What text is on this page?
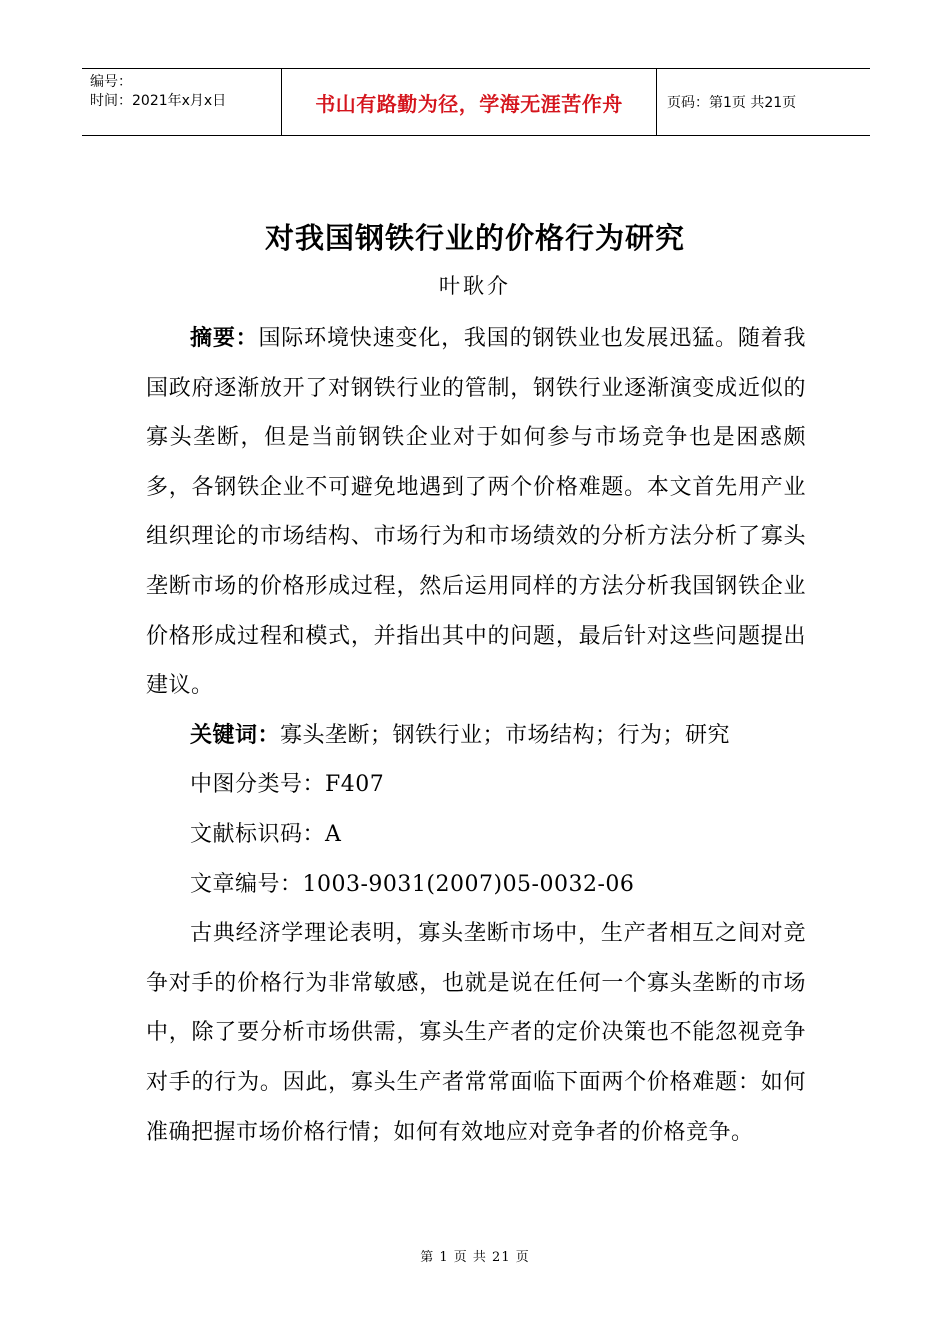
编号：
时间：2021年x月x日	书山有路勤为径，学海无涯苦作舟	页码：第1页 共21页
对我国钢铁行业的价格行为研究
叶耿介

摘要：国际环境快速变化，我国的钢铁业也发展迅猛。随着我国政府逐渐放开了对钢铁行业的管制，钢铁行业逐渐演变成近似的寡头垄断，但是当前钢铁企业对于如何参与市场竞争也是困惑颇多，各钢铁企业不可避免地遇到了两个价格难题。本文首先用产业组织理论的市场结构、市场行为和市场绩效的分析方法分析了寡头垄断市场的价格形成过程，然后运用同样的方法分析我国钢铁企业价格形成过程和模式，并指出其中的问题，最后针对这些问题提出建议。

关键词：寡头垄断；钢铁行业；市场结构；行为；研究

中图分类号：F407

文献标识码：A

文章编号：1003-9031(2007)05-0032-06

古典经济学理论表明，寡头垄断市场中，生产者相互之间对竞争对手的价格行为非常敏感，也就是说在任何一个寡头垄断的市场中，除了要分析市场供需，寡头生产者的定价决策也不能忽视竞争对手的行为。因此，寡头生产者常常面临下面两个价格难题：如何准确把握市场价格行情；如何有效地应对竞争者的价格竞争。

第 1 页 共 21 页
